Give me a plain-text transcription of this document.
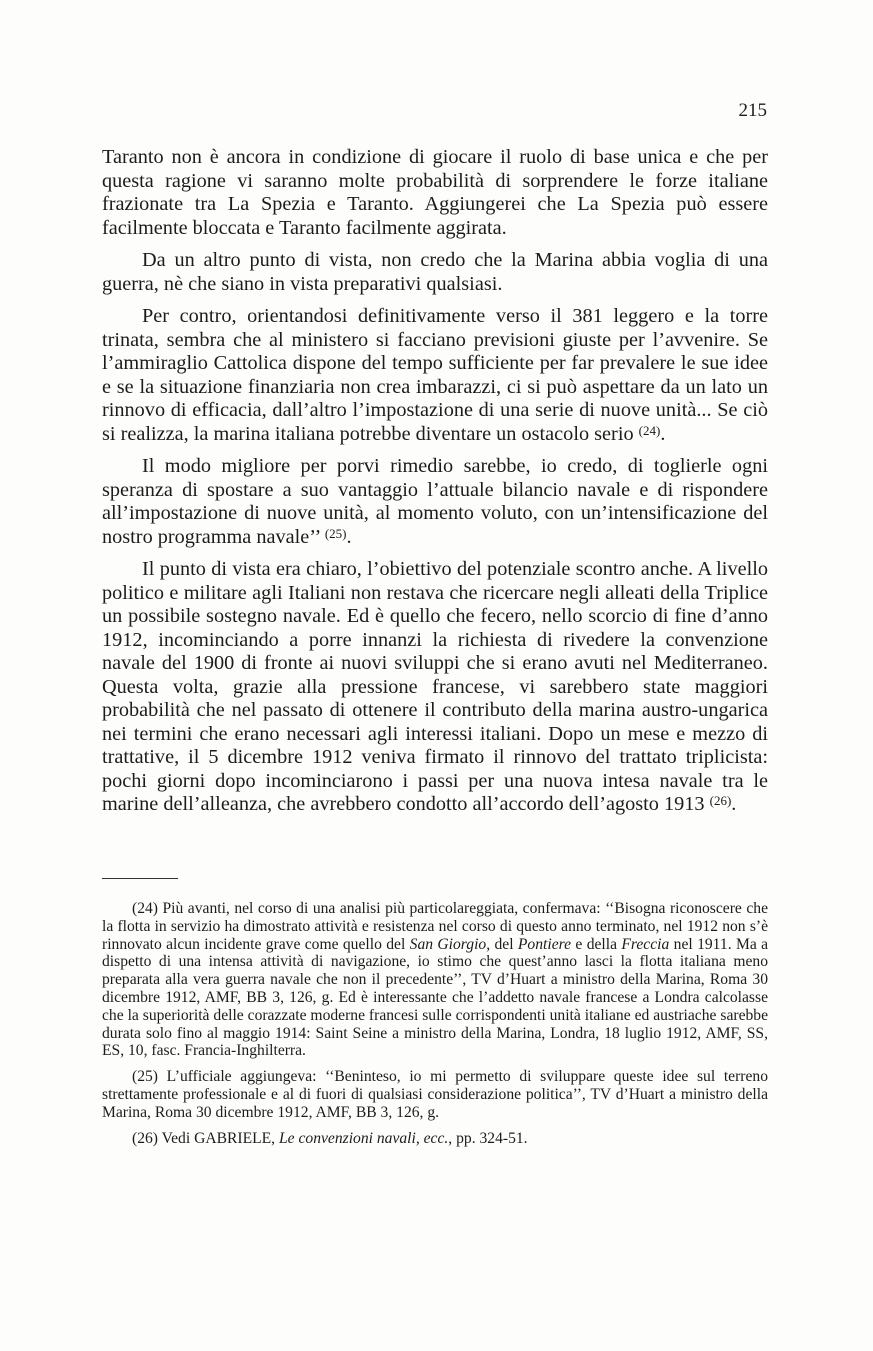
215

Taranto non è ancora in condizione di giocare il ruolo di base unica e che per questa ragione vi saranno molte probabilità di sorprendere le forze italiane frazionate tra La Spezia e Taranto. Aggiungerei che La Spezia può essere facilmente bloccata e Taranto facilmente aggirata.

Da un altro punto di vista, non credo che la Marina abbia voglia di una guerra, nè che siano in vista preparativi qualsiasi.

Per contro, orientandosi definitivamente verso il 381 leggero e la torre trinata, sembra che al ministero si facciano previsioni giuste per l’avvenire. Se l’ammiraglio Cattolica dispone del tempo sufficiente per far prevalere le sue idee e se la situazione finanziaria non crea imbarazzi, ci si può aspettare da un lato un rinnovo di efficacia, dall’altro l’impostazione di una serie di nuove unità... Se ciò si realizza, la marina italiana potrebbe diventare un ostacolo serio $^{(24)}$.

Il modo migliore per porvi rimedio sarebbe, io credo, di toglierle ogni speranza di spostare a suo vantaggio l’attuale bilancio navale e di rispondere all’impostazione di nuove unità, al momento voluto, con un’intensificazione del nostro programma navale’’ $^{(25)}$.

Il punto di vista era chiaro, l’obiettivo del potenziale scontro anche. A livello politico e militare agli Italiani non restava che ricercare negli alleati della Triplice un possibile sostegno navale. Ed è quello che fecero, nello scorcio di fine d’anno 1912, incominciando a porre innanzi la richiesta di rivedere la convenzione navale del 1900 di fronte ai nuovi sviluppi che si erano avuti nel Mediterraneo. Questa volta, grazie alla pressione francese, vi sarebbero state maggiori probabilità che nel passato di ottenere il contributo della marina austro-ungarica nei termini che erano necessari agli interessi italiani. Dopo un mese e mezzo di trattative, il 5 dicembre 1912 veniva firmato il rinnovo del trattato triplicista: pochi giorni dopo incominciarono i passi per una nuova intesa navale tra le marine dell’alleanza, che avrebbero condotto all’accordo dell’agosto 1913 $^{(26)}$.

(24) Più avanti, nel corso di una analisi più particolareggiata, confermava: ‘‘Bisogna riconoscere che la flotta in servizio ha dimostrato attività e resistenza nel corso di questo anno terminato, nel 1912 non s’è rinnovato alcun incidente grave come quello del San Giorgio, del Pontiere e della Freccia nel 1911. Ma a dispetto di una intensa attività di navigazione, io stimo che quest’anno lasci la flotta italiana meno preparata alla vera guerra navale che non il precedente’’, TV d’Huart a ministro della Marina, Roma 30 dicembre 1912, AMF, BB 3, 126, g. Ed è interessante che l’addetto navale francese a Londra calcolasse che la superiorità delle corazzate moderne francesi sulle corrispondenti unità italiane ed austriache sarebbe durata solo fino al maggio 1914: Saint Seine a ministro della Marina, Londra, 18 luglio 1912, AMF, SS, ES, 10, fasc. Francia-Inghilterra.

(25) L’ufficiale aggiungeva: ‘‘Beninteso, io mi permetto di sviluppare queste idee sul terreno strettamente professionale e al di fuori di qualsiasi considerazione politica’’, TV d’Huart a ministro della Marina, Roma 30 dicembre 1912, AMF, BB 3, 126, g.

(26) Vedi GABRIELE, Le convenzioni navali, ecc., pp. 324-51.
